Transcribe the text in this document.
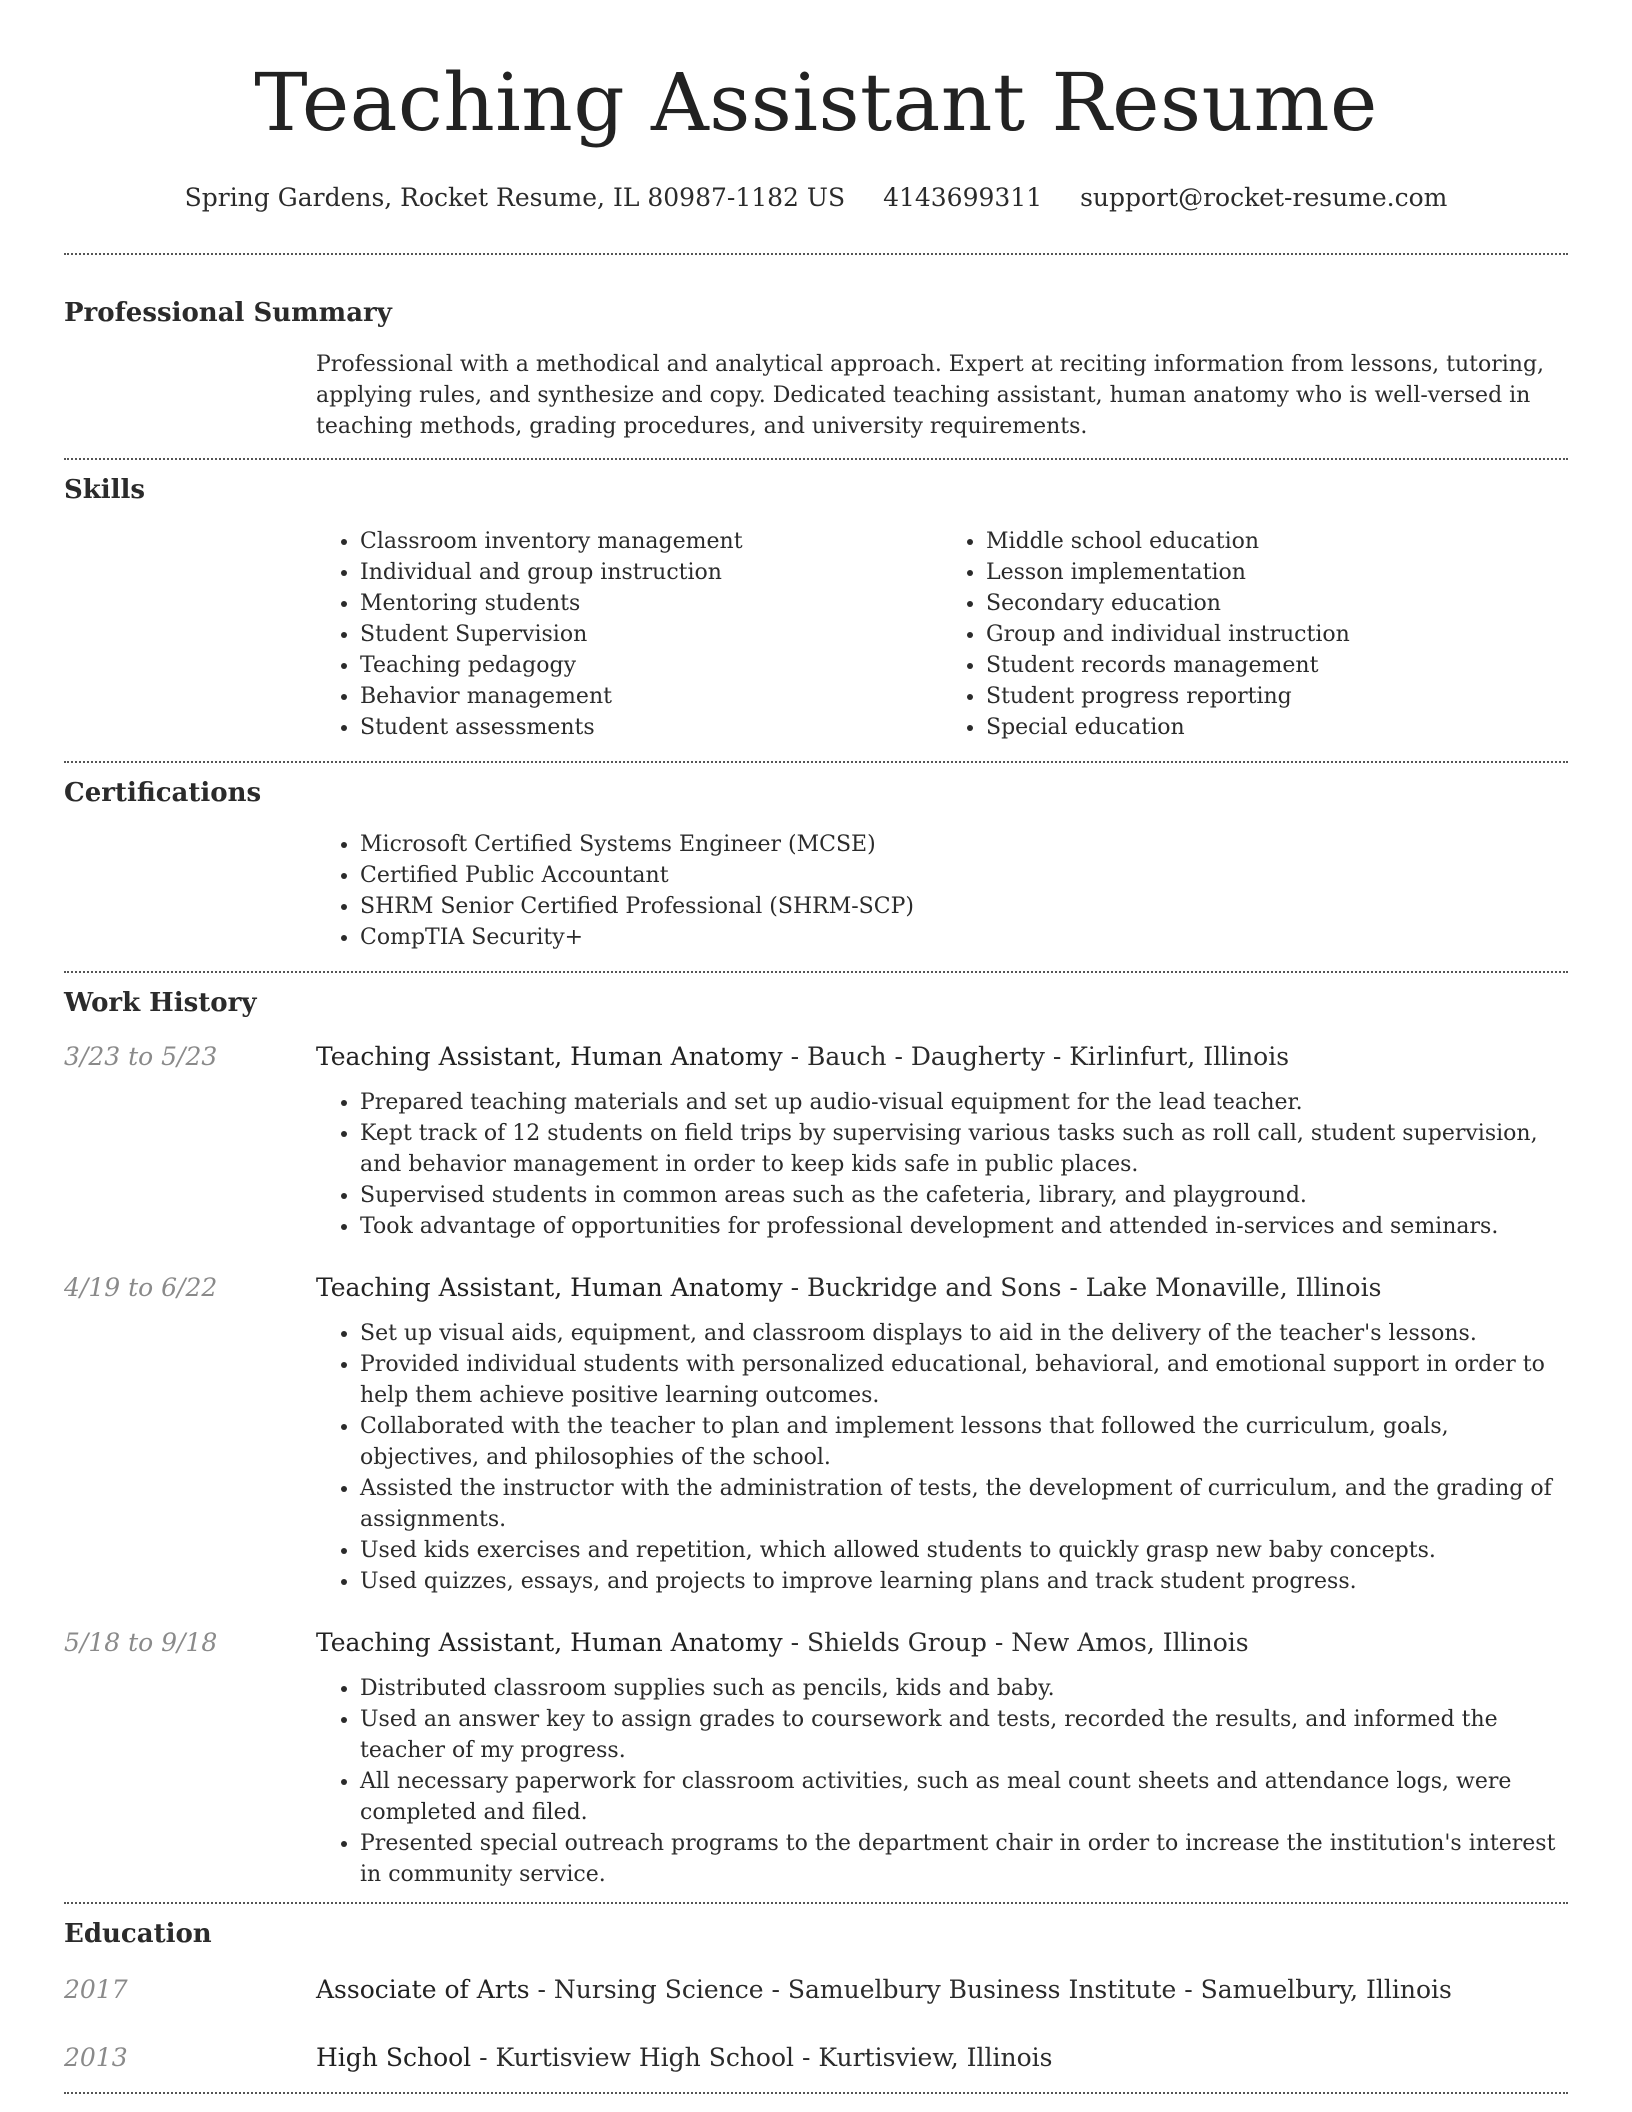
Teaching Assistant Resume
Spring Gardens, Rocket Resume, IL 80987-1182 US 4143699311 support@rocket-resume.com
Professional Summary
Professional with a methodical and analytical approach. Expert at reciting information from lessons, tutoring, applying rules, and synthesize and copy. Dedicated teaching assistant, human anatomy who is well-versed in teaching methods, grading procedures, and university requirements.
Skills
• Classroom inventory management
• Individual and group instruction
• Mentoring students
• Student Supervision
• Teaching pedagogy
• Behavior management
• Student assessments
• Middle school education
• Lesson implementation
• Secondary education
• Group and individual instruction
• Student records management
• Student progress reporting
• Special education
Certifications
• Microsoft Certified Systems Engineer (MCSE)
• Certified Public Accountant
• SHRM Senior Certified Professional (SHRM-SCP)
• CompTIA Security+
Work History
3/23 to 5/23	Teaching Assistant, Human Anatomy - Bauch - Daugherty - Kirlinfurt, Illinois
• Prepared teaching materials and set up audio-visual equipment for the lead teacher.
• Kept track of 12 students on field trips by supervising various tasks such as roll call, student supervision, and behavior management in order to keep kids safe in public places.
• Supervised students in common areas such as the cafeteria, library, and playground.
• Took advantage of opportunities for professional development and attended in-services and seminars.
4/19 to 6/22	Teaching Assistant, Human Anatomy - Buckridge and Sons - Lake Monaville, Illinois
• Set up visual aids, equipment, and classroom displays to aid in the delivery of the teacher's lessons.
• Provided individual students with personalized educational, behavioral, and emotional support in order to help them achieve positive learning outcomes.
• Collaborated with the teacher to plan and implement lessons that followed the curriculum, goals, objectives, and philosophies of the school.
• Assisted the instructor with the administration of tests, the development of curriculum, and the grading of assignments.
• Used kids exercises and repetition, which allowed students to quickly grasp new baby concepts.
• Used quizzes, essays, and projects to improve learning plans and track student progress.
5/18 to 9/18	Teaching Assistant, Human Anatomy - Shields Group - New Amos, Illinois
• Distributed classroom supplies such as pencils, kids and baby.
• Used an answer key to assign grades to coursework and tests, recorded the results, and informed the teacher of my progress.
• All necessary paperwork for classroom activities, such as meal count sheets and attendance logs, were completed and filed.
• Presented special outreach programs to the department chair in order to increase the institution's interest in community service.
Education
2017	Associate of Arts - Nursing Science - Samuelbury Business Institute - Samuelbury, Illinois
2013	High School - Kurtisview High School - Kurtisview, Illinois
